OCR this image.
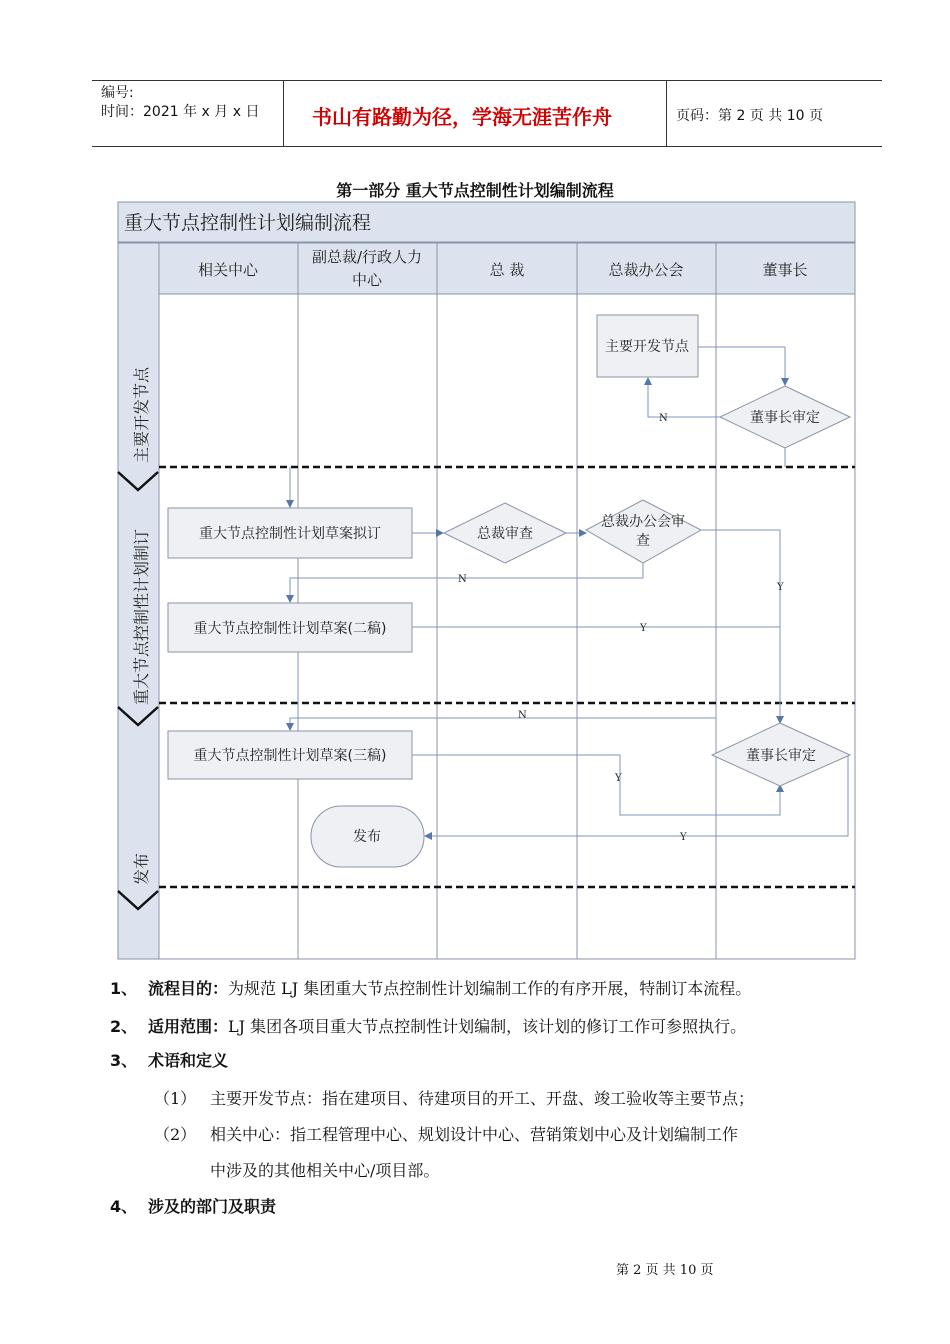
编号:
时间：2021 年 x 月 x 日	书山有路勤为径，学海无涯苦作舟	页码：第 2 页 共 10 页
第一部分 重大节点控制性计划编制流程
重大节点控制性计划编制流程
相关中心
副总裁/行政人力
中心
总 裁	总裁办公会	董事长
主要开发节点
重大节点控制性计划制订
发布
主要开发节点
董事长审定
重大节点控制性计划草案拟订	总裁审查
总裁办公会审
查
重大节点控制性计划草案(二稿)
重大节点控制性计划草案(三稿)	董事长审定
发布
N
N
Y
Y
N
Y
Y
1、 流程目的：为规范 LJ 集团重大节点控制性计划编制工作的有序开展，特制订本流程。
2、 适用范围：LJ 集团各项目重大节点控制性计划编制，该计划的修订工作可参照执行。
3、 术语和定义
（1） 主要开发节点：指在建项目、待建项目的开工、开盘、竣工验收等主要节点；
（2） 相关中心：指工程管理中心、规划设计中心、营销策划中心及计划编制工作
中涉及的其他相关中心/项目部。
4、 涉及的部门及职责
第 2 页 共 10 页
